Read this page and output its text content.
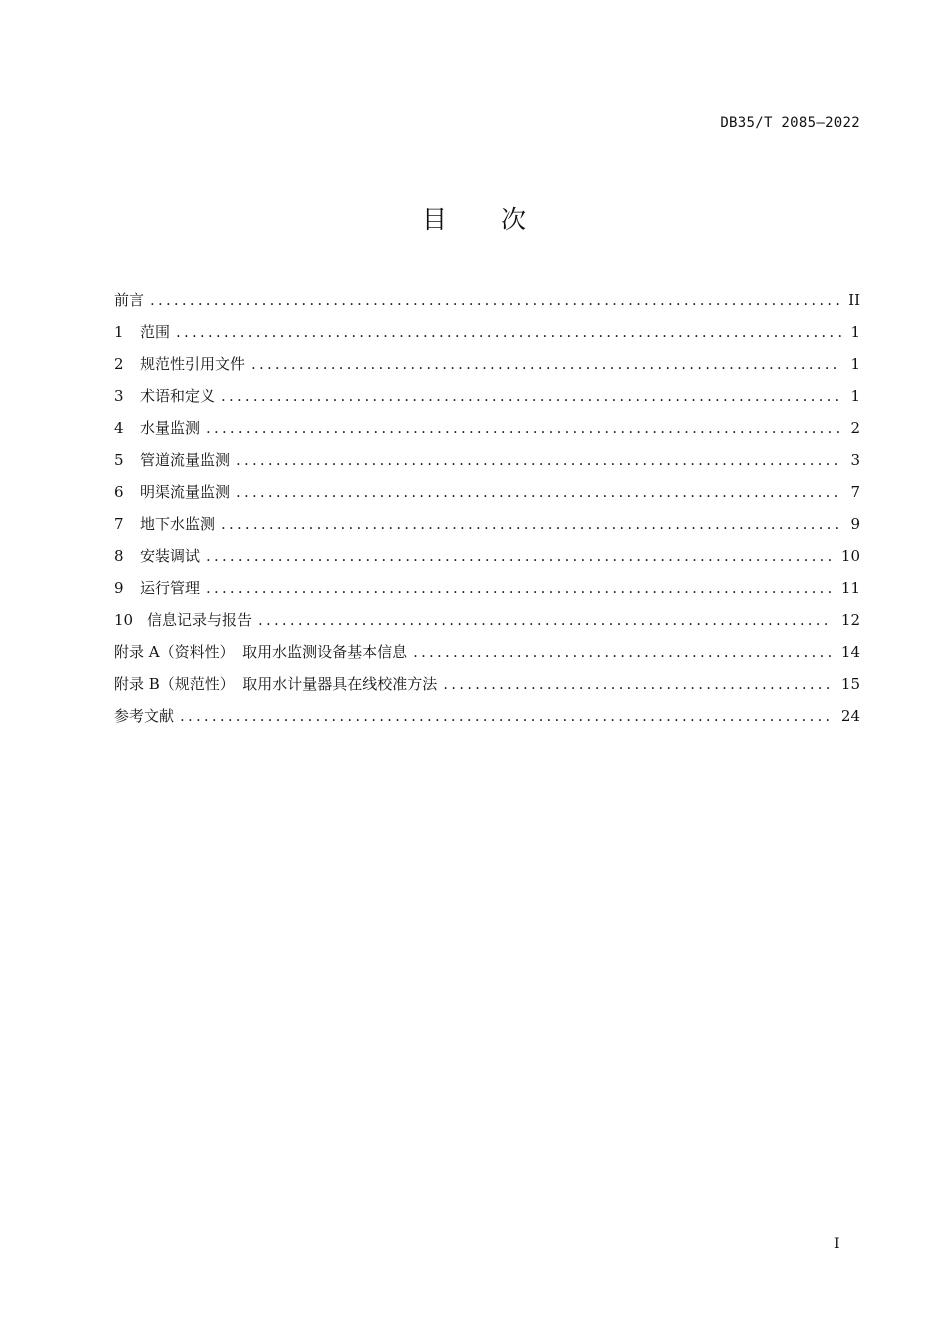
DB35/T 2085—2022
目 次
前言 .....	II
1	范围 .....	1
2	规范性引用文件 .....	1
3	术语和定义 .....	1
4	水量监测 .....	2
5	管道流量监测 .....	3
6	明渠流量监测 .....	7
7	地下水监测 .....	9
8	安装调试 .....	10
9	运行管理 .....	11
10 信息记录与报告 .....	12
附录 A（资料性）　取用水监测设备基本信息 .....	14
附录 B（规范性）　取用水计量器具在线校准方法 .....	15
参考文献 .....	24
I
